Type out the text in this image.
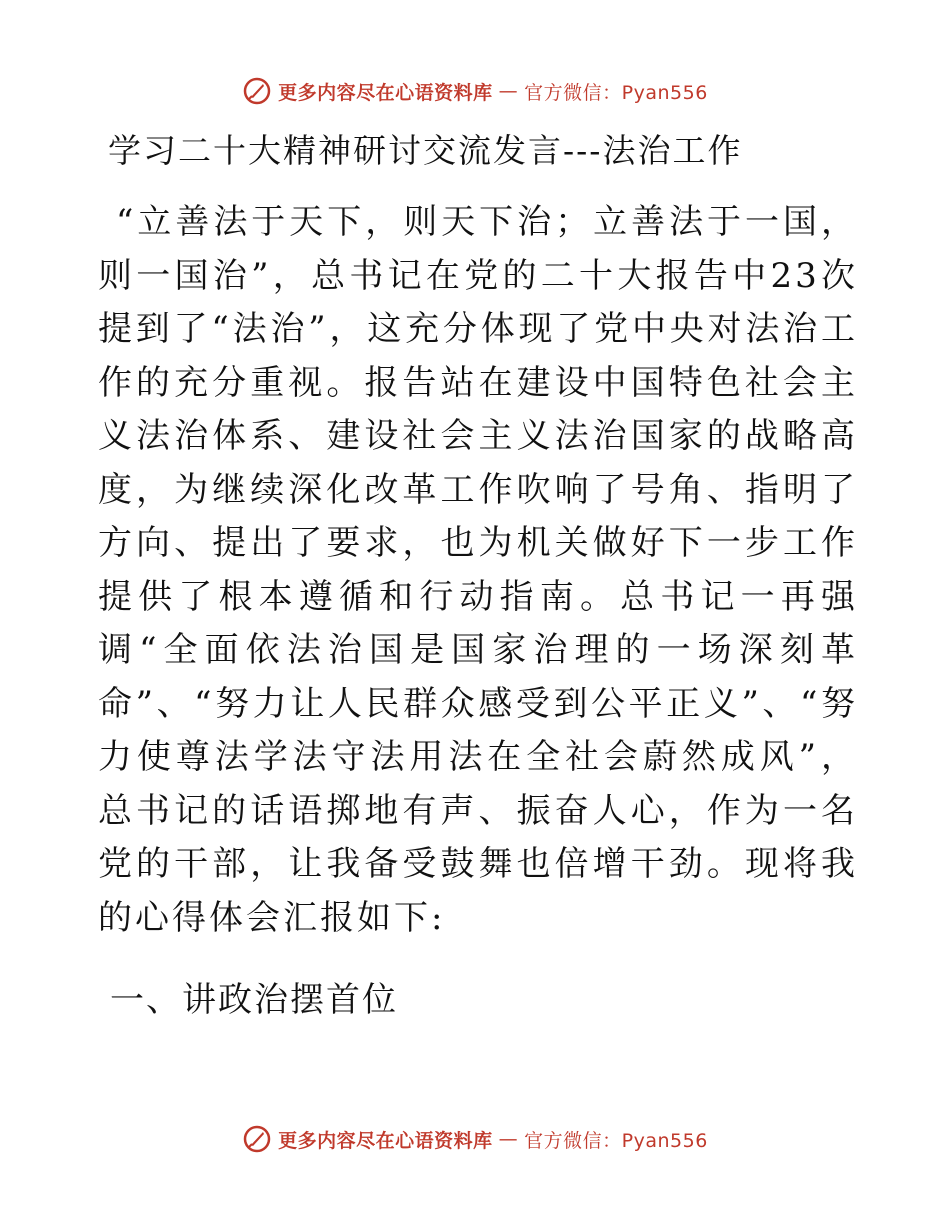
更多内容尽在心语资料库 — 官方微信：Pyan556
学习二十大精神研讨交流发言---法治工作

“立善法于天下，则天下治；立善法于一国，则一国治”，总书记在党的二十大报告中23次提到了“法治”，这充分体现了党中央对法治工作的充分重视。报告站在建设中国特色社会主义法治体系、建设社会主义法治国家的战略高度，为继续深化改革工作吹响了号角、指明了方向、提出了要求，也为机关做好下一步工作提供了根本遵循和行动指南。总书记一再强调“全面依法治国是国家治理的一场深刻革命”、“努力让人民群众感受到公平正义”、“努力使尊法学法守法用法在全社会蔚然成风”，总书记的话语掷地有声、振奋人心，作为一名党的干部，让我备受鼓舞也倍增干劲。现将我的心得体会汇报如下:

一、讲政治摆首位
更多内容尽在心语资料库 — 官方微信：Pyan556
